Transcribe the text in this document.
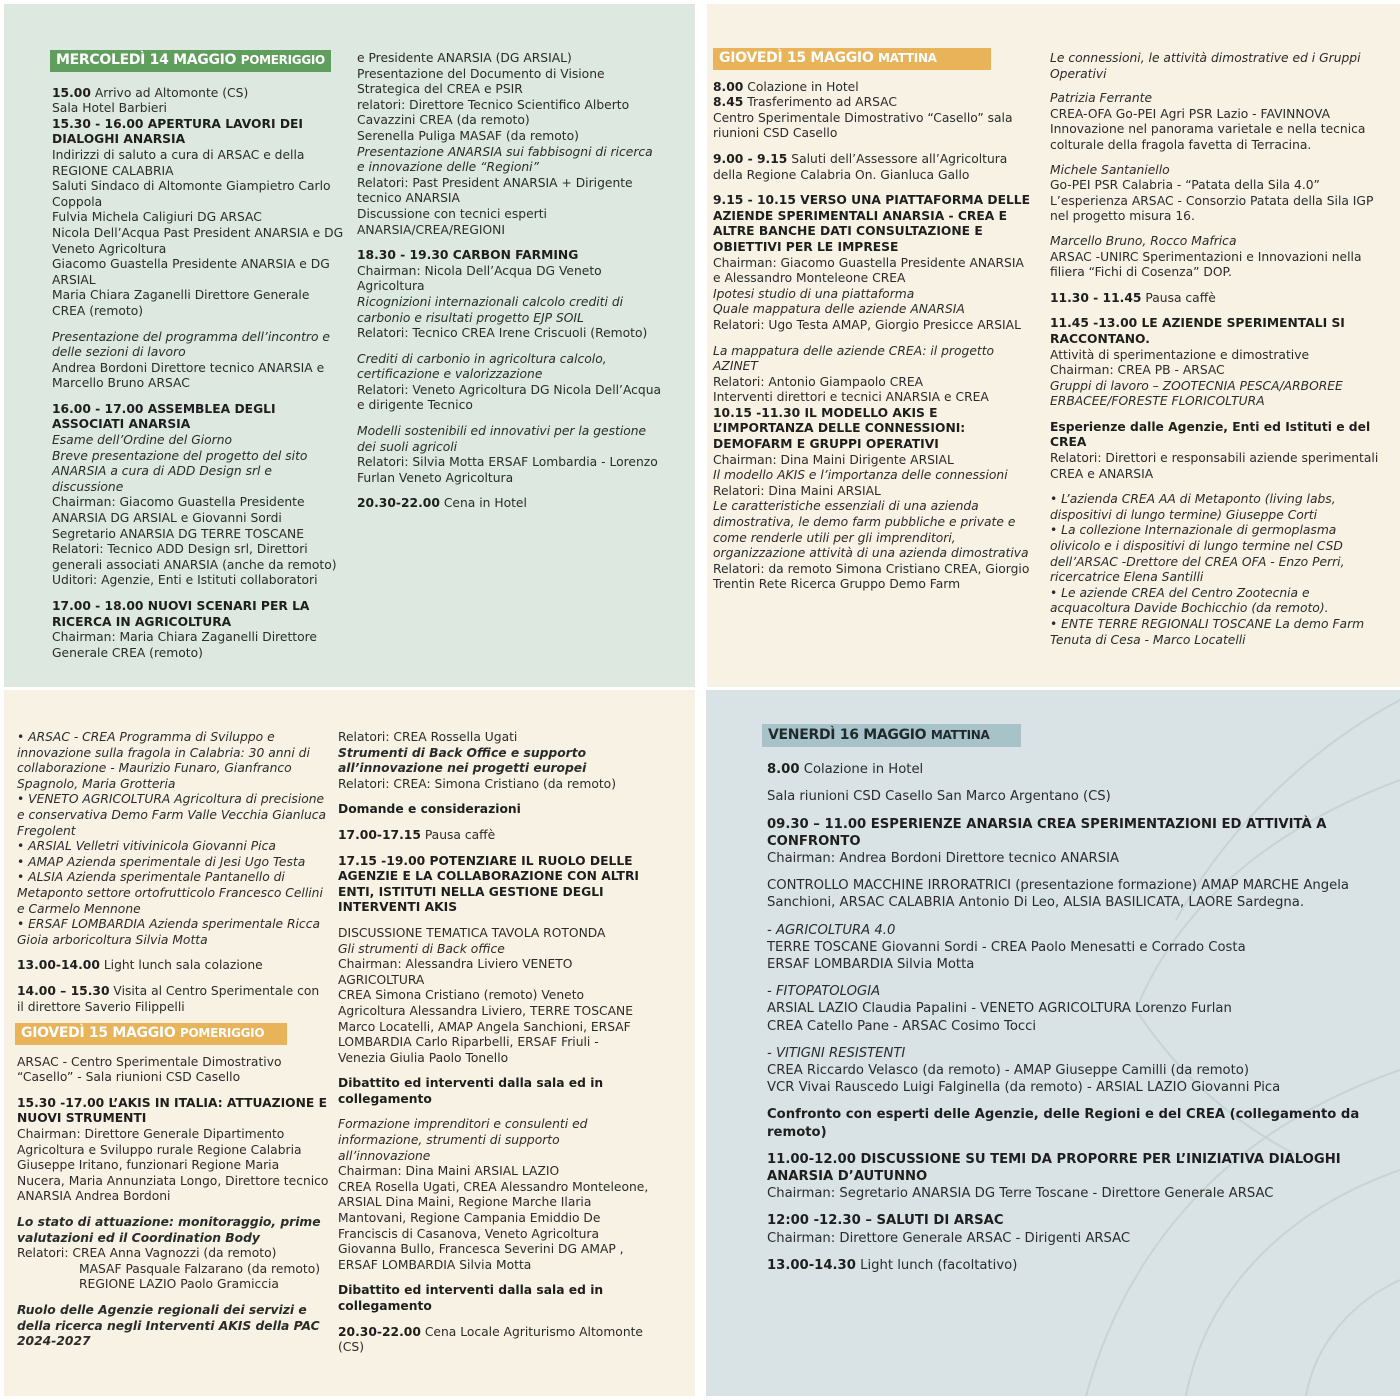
MERCOLEDÌ 14 MAGGIO POMERIGGIO

15.00 Arrivo ad Altomonte (CS)

Sala Hotel Barbieri

15.30 - 16.00 APERTURA LAVORI DEI DIALOGHI ANARSIA

Indirizzi di saluto a cura di ARSAC e della REGIONE CALABRIA

Saluti Sindaco di Altomonte Giampietro Carlo Coppola

Fulvia Michela Caligiuri DG ARSAC

Nicola Dell’Acqua Past President ANARSIA e DG Veneto Agricoltura

Giacomo Guastella Presidente ANARSIA e DG ARSIAL

Maria Chiara Zaganelli Direttore Generale CREA (remoto)

Presentazione del programma dell’incontro e delle sezioni di lavoro

Andrea Bordoni Direttore tecnico ANARSIA e Marcello Bruno ARSAC

16.00 - 17.00 ASSEMBLEA DEGLI ASSOCIATI ANARSIA

Esame dell’Ordine del Giorno

Breve presentazione del progetto del sito ANARSIA a cura di ADD Design srl e discussione

Chairman: Giacomo Guastella Presidente ANARSIA DG ARSIAL e Giovanni Sordi Segretario ANARSIA DG TERRE TOSCANE

Relatori: Tecnico ADD Design srl, Direttori generali associati ANARSIA (anche da remoto)

Uditori: Agenzie, Enti e Istituti collaboratori

17.00 - 18.00 NUOVI SCENARI PER LA RICERCA IN AGRICOLTURA

Chairman: Maria Chiara Zaganelli Direttore Generale CREA (remoto)

e Presidente ANARSIA (DG ARSIAL)

Presentazione del Documento di Visione Strategica del CREA e PSIR

relatori: Direttore Tecnico Scientifico Alberto Cavazzini CREA (da remoto)

Serenella Puliga MASAF (da remoto)

Presentazione ANARSIA sui fabbisogni di ricerca e innovazione delle “Regioni”

Relatori: Past President ANARSIA + Dirigente tecnico ANARSIA

Discussione con tecnici esperti ANARSIA/CREA/REGIONI

18.30 - 19.30 CARBON FARMING

Chairman: Nicola Dell’Acqua DG Veneto Agricoltura

Ricognizioni internazionali calcolo crediti di carbonio e risultati progetto EJP SOIL

Relatori: Tecnico CREA Irene Criscuoli (Remoto)

Crediti di carbonio in agricoltura calcolo, certificazione e valorizzazione

Relatori: Veneto Agricoltura DG Nicola Dell’Acqua e dirigente Tecnico

Modelli sostenibili ed innovativi per la gestione dei suoli agricoli

Relatori: Silvia Motta ERSAF Lombardia - Lorenzo Furlan Veneto Agricoltura

20.30-22.00 Cena in Hotel

GIOVEDÌ 15 MAGGIO MATTINA

8.00 Colazione in Hotel

8.45 Trasferimento ad ARSAC

Centro Sperimentale Dimostrativo “Casello” sala riunioni CSD Casello

9.00 - 9.15 Saluti dell’Assessore all’Agricoltura della Regione Calabria On. Gianluca Gallo

9.15 - 10.15 VERSO UNA PIATTAFORMA DELLE AZIENDE SPERIMENTALI ANARSIA - CREA E ALTRE BANCHE DATI CONSULTAZIONE E OBIETTIVI PER LE IMPRESE

Chairman: Giacomo Guastella Presidente ANARSIA e Alessandro Monteleone CREA

Ipotesi studio di una piattaforma

Quale mappatura delle aziende ANARSIA

Relatori: Ugo Testa AMAP, Giorgio Presicce ARSIAL

La mappatura delle aziende CREA: il progetto AZINET

Relatori: Antonio Giampaolo CREA

Interventi direttori e tecnici ANARSIA e CREA

10.15 -11.30 IL MODELLO AKIS E L’IMPORTANZA DELLE CONNESSIONI: DEMOFARM E GRUPPI OPERATIVI

Chairman: Dina Maini Dirigente ARSIAL

Il modello AKIS e l’importanza delle connessioni

Relatori: Dina Maini ARSIAL

Le caratteristiche essenziali di una azienda dimostrativa, le demo farm pubbliche e private e come renderle utili per gli imprenditori, organizzazione attività di una azienda dimostrativa

Relatori: da remoto Simona Cristiano CREA, Giorgio Trentin Rete Ricerca Gruppo Demo Farm

Le connessioni, le attività dimostrative ed i Gruppi Operativi

Patrizia Ferrante

CREA-OFA Go-PEI Agri PSR Lazio - FAVINNOVA Innovazione nel panorama varietale e nella tecnica colturale della fragola favetta di Terracina.

Michele Santaniello

Go-PEI PSR Calabria - “Patata della Sila 4.0” L’esperienza ARSAC - Consorzio Patata della Sila IGP nel progetto misura 16.

Marcello Bruno, Rocco Mafrica

ARSAC -UNIRC Sperimentazioni e Innovazioni nella filiera “Fichi di Cosenza” DOP.

11.30 - 11.45 Pausa caffè

11.45 -13.00 LE AZIENDE SPERIMENTALI SI RACCONTANO.

Attività di sperimentazione e dimostrative

Chairman: CREA PB - ARSAC

Gruppi di lavoro – ZOOTECNIA PESCA/ARBOREE ERBACEE/FORESTE FLORICOLTURA

Esperienze dalle Agenzie, Enti ed Istituti e del CREA

Relatori: Direttori e responsabili aziende sperimentali CREA e ANARSIA

• L’azienda CREA AA di Metaponto (living labs, dispositivi di lungo termine) Giuseppe Corti

• La collezione Internazionale di germoplasma olivicolo e i dispositivi di lungo termine nel CSD dell’ARSAC -Drettore del CREA OFA - Enzo Perri, ricercatrice Elena Santilli

• Le aziende CREA del Centro Zootecnia e acquacoltura Davide Bochicchio (da remoto).

• ENTE TERRE REGIONALI TOSCANE La demo Farm Tenuta di Cesa - Marco Locatelli

• ARSAC - CREA Programma di Sviluppo e innovazione sulla fragola in Calabria: 30 anni di collaborazione - Maurizio Funaro, Gianfranco Spagnolo, Maria Grotteria

• VENETO AGRICOLTURA Agricoltura di precisione e conservativa Demo Farm Valle Vecchia Gianluca Fregolent

• ARSIAL Velletri vitivinicola Giovanni Pica

• AMAP Azienda sperimentale di Jesi Ugo Testa

• ALSIA Azienda sperimentale Pantanello di Metaponto settore ortofrutticolo Francesco Cellini e Carmelo Mennone

• ERSAF LOMBARDIA Azienda sperimentale Ricca Gioia arboricoltura Silvia Motta

13.00-14.00 Light lunch sala colazione

14.00 – 15.30 Visita al Centro Sperimentale con il direttore Saverio Filippelli

GIOVEDÌ 15 MAGGIO POMERIGGIO

ARSAC - Centro Sperimentale Dimostrativo “Casello” - Sala riunioni CSD Casello

15.30 -17.00 L’AKIS IN ITALIA: ATTUAZIONE E NUOVI STRUMENTI

Chairman: Direttore Generale Dipartimento Agricoltura e Sviluppo rurale Regione Calabria Giuseppe Iritano, funzionari Regione Maria Nucera, Maria Annunziata Longo, Direttore tecnico ANARSIA Andrea Bordoni

Lo stato di attuazione: monitoraggio, prime valutazioni ed il Coordination Body

Relatori: CREA Anna Vagnozzi (da remoto)

MASAF Pasquale Falzarano (da remoto)

REGIONE LAZIO Paolo Gramiccia

Ruolo delle Agenzie regionali dei servizi e della ricerca negli Interventi AKIS della PAC 2024-2027

Relatori: CREA Rossella Ugati

Strumenti di Back Office e supporto all’innovazione nei progetti europei

Relatori: CREA: Simona Cristiano (da remoto)

Domande e considerazioni

17.00-17.15 Pausa caffè

17.15 -19.00 POTENZIARE IL RUOLO DELLE AGENZIE E LA COLLABORAZIONE CON ALTRI ENTI, ISTITUTI NELLA GESTIONE DEGLI INTERVENTI AKIS

DISCUSSIONE TEMATICA TAVOLA ROTONDA

Gli strumenti di Back office

Chairman: Alessandra Liviero VENETO AGRICOLTURA

CREA Simona Cristiano (remoto) Veneto Agricoltura Alessandra Liviero, TERRE TOSCANE Marco Locatelli, AMAP Angela Sanchioni, ERSAF LOMBARDIA Carlo Riparbelli, ERSAF Friuli - Venezia Giulia Paolo Tonello

Dibattito ed interventi dalla sala ed in collegamento

Formazione imprenditori e consulenti ed informazione, strumenti di supporto all’innovazione

Chairman: Dina Maini ARSIAL LAZIO

CREA Rosella Ugati, CREA Alessandro Monteleone, ARSIAL Dina Maini, Regione Marche Ilaria Mantovani, Regione Campania Emiddio De Franciscis di Casanova, Veneto Agricoltura Giovanna Bullo, Francesca Severini DG AMAP , ERSAF LOMBARDIA Silvia Motta

Dibattito ed interventi dalla sala ed in collegamento

20.30-22.00 Cena Locale Agriturismo Altomonte (CS)

VENERDÌ 16 MAGGIO MATTINA

8.00 Colazione in Hotel

Sala riunioni CSD Casello San Marco Argentano (CS)

09.30 – 11.00 ESPERIENZE ANARSIA CREA SPERIMENTAZIONI ED ATTIVITÀ A CONFRONTO

Chairman: Andrea Bordoni Direttore tecnico ANARSIA

CONTROLLO MACCHINE IRRORATRICI (presentazione formazione) AMAP MARCHE Angela Sanchioni, ARSAC CALABRIA Antonio Di Leo, ALSIA BASILICATA, LAORE Sardegna.

- AGRICOLTURA 4.0

TERRE TOSCANE Giovanni Sordi - CREA Paolo Menesatti e Corrado Costa

ERSAF LOMBARDIA Silvia Motta

- FITOPATOLOGIA

ARSIAL LAZIO Claudia Papalini - VENETO AGRICOLTURA Lorenzo Furlan

CREA Catello Pane - ARSAC Cosimo Tocci

- VITIGNI RESISTENTI

CREA Riccardo Velasco (da remoto) - AMAP Giuseppe Camilli (da remoto)

VCR Vivai Rauscedo Luigi Falginella (da remoto) - ARSIAL LAZIO Giovanni Pica

Confronto con esperti delle Agenzie, delle Regioni e del CREA (collegamento da remoto)

11.00-12.00 DISCUSSIONE SU TEMI DA PROPORRE PER L’INIZIATIVA DIALOGHI ANARSIA D’AUTUNNO

Chairman: Segretario ANARSIA DG Terre Toscane - Direttore Generale ARSAC

12:00 -12.30 – SALUTI DI ARSAC

Chairman: Direttore Generale ARSAC - Dirigenti ARSAC

13.00-14.30 Light lunch (facoltativo)
